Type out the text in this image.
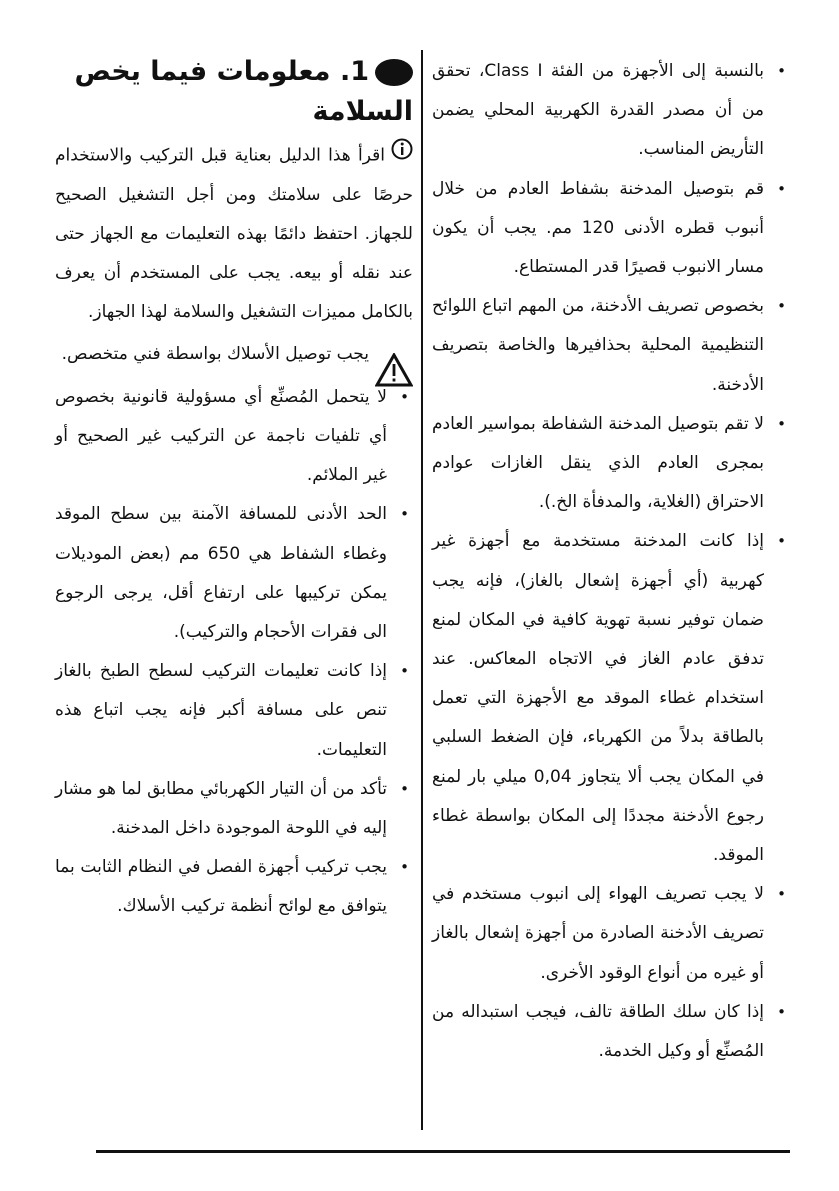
• بالنسبة إلى الأجهزة من الفئة Class I، تحقق من أن مصدر القدرة الكهربية المحلي يضمن التأريض المناسب.
• قم بتوصيل المدخنة بشفاط العادم من خلال أنبوب قطره الأدنى 120 مم. يجب أن يكون مسار الانبوب قصيرًا قدر المستطاع.
• بخصوص تصريف الأدخنة، من المهم اتباع اللوائح التنظيمية المحلية بحذافيرها والخاصة بتصريف الأدخنة.
• لا تقم بتوصيل المدخنة الشفاطة بمواسير العادم بمجرى العادم الذي ينقل الغازات عوادم الاحتراق (الغلاية، والمدفأة الخ.).
• إذا كانت المدخنة مستخدمة مع أجهزة غير كهربية (أي أجهزة إشعال بالغاز)، فإنه يجب ضمان توفير نسبة تهوية كافية في المكان لمنع تدفق عادم الغاز في الاتجاه المعاكس. عند استخدام غطاء الموقد مع الأجهزة التي تعمل بالطاقة بدلاً من الكهرباء، فإن الضغط السلبي في المكان يجب ألا يتجاوز 0,04 ميلي بار لمنع رجوع الأدخنة مجددًا إلى المكان بواسطة غطاء الموقد.
• لا يجب تصريف الهواء إلى انبوب مستخدم في تصريف الأدخنة الصادرة من أجهزة إشعال بالغاز أو غيره من أنواع الوقود الأخرى.
• إذا كان سلك الطاقة تالف، فيجب استبداله من المُصنِّع أو وكيل الخدمة.
1. معلومات فيما يخص
السلامة
اقرأ هذا الدليل بعناية قبل التركيب والاستخدام حرصًا على سلامتك ومن أجل التشغيل الصحيح للجهاز. احتفظ دائمًا بهذه التعليمات مع الجهاز حتى عند نقله أو بيعه. يجب على المستخدم أن يعرف بالكامل مميزات التشغيل والسلامة لهذا الجهاز.
يجب توصيل الأسلاك بواسطة فني متخصص.
• لا يتحمل المُصنِّع أي مسؤولية قانونية بخصوص أي تلفيات ناجمة عن التركيب غير الصحيح أو غير الملائم.
• الحد الأدنى للمسافة الآمنة بين سطح الموقد وغطاء الشفاط هي 650 مم (بعض الموديلات يمكن تركيبها على ارتفاع أقل، يرجى الرجوع الى فقرات الأحجام والتركيب).
• إذا كانت تعليمات التركيب لسطح الطبخ بالغاز تنص على مسافة أكبر فإنه يجب اتباع هذه التعليمات.
• تأكد من أن التيار الكهربائي مطابق لما هو مشار إليه في اللوحة الموجودة داخل المدخنة.
• يجب تركيب أجهزة الفصل في النظام الثابت بما يتوافق مع لوائح أنظمة تركيب الأسلاك.
